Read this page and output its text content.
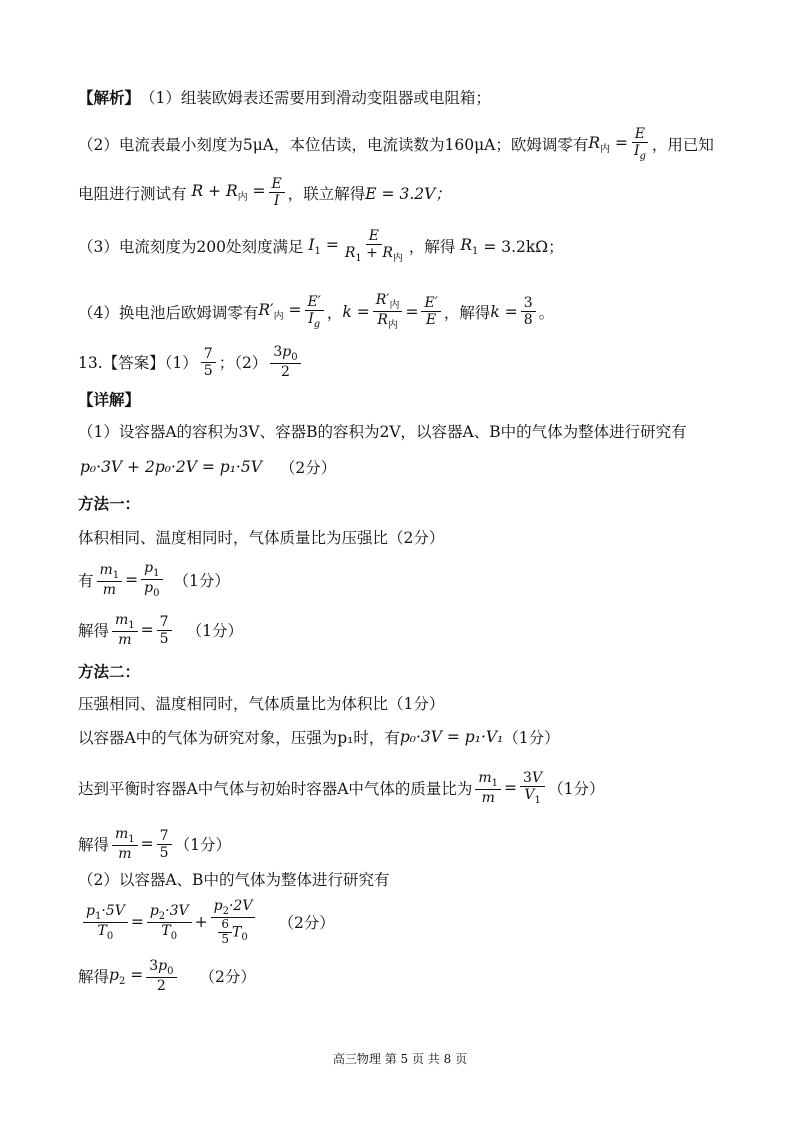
【解析】 （1）组装欧姆表还需要用到滑动变阻器或电阻箱；
（2）电流表最小刻度为5μA，本位估读，电流读数为160μA；欧姆调零有 $R_内 = \frac{E}{I_g}$ ，用已知
电阻进行测试有 $R + R_内 = \frac{E}{I}$ ，联立解得 E = 3.2V；
（3）电流刻度为200处刻度满足 $I_1 = \frac{E}{R_1 + R_内}$ ，解得 $R_1 = 3.2k\Omega$；
（4）换电池后欧姆调零有 $R'_内 = \frac{E'}{I_g}$ ， $k = \frac{R'_内}{R_内} = \frac{E'}{E}$ ，解得 $k = \frac{3}{8}$ 。
13.【答案】$(1) \frac{7}{5}$ ；$(2) \frac{3p_0}{2}$
【详解】
（1）设容器A的容积为3V、容器B的容积为2V，以容器A、B中的气体为整体进行研究有
p₀·3V + 2p₀·2V = p₁·5V （2分）
方法一：
体积相同、温度相同时，气体质量比为压强比（2分）
有 $\frac{m_1}{m} = \frac{p_1}{p_0} (1$分）
解得 $\frac{m_1}{m} = \frac{7}{5} (1$分）
方法二：
压强相同、温度相同时，气体质量比为体积比（1分）
以容器A中的气体为研究对象，压强为p₁时，有 p₀·3V = p₁·V₁ （1分）
达到平衡时容器A中气体与初始时容器A中气体的质量比为 $\frac{m_1}{m} = \frac{3V}{V_1} (1$分）
解得 $\frac{m_1}{m} = \frac{7}{5} (1$分）
（2）以容器A、B中的气体为整体进行研究有
$\frac{p_1\cdot 5V}{T_0} = \frac{p_2\cdot 3V}{T_0} + \frac{p_2\cdot 2V}{\frac{6}{5} T_0} (2$分）
解得 $p_2 = \frac{3p_0}{2} (2$分）
高三物理 第 5 页 共 8 页
